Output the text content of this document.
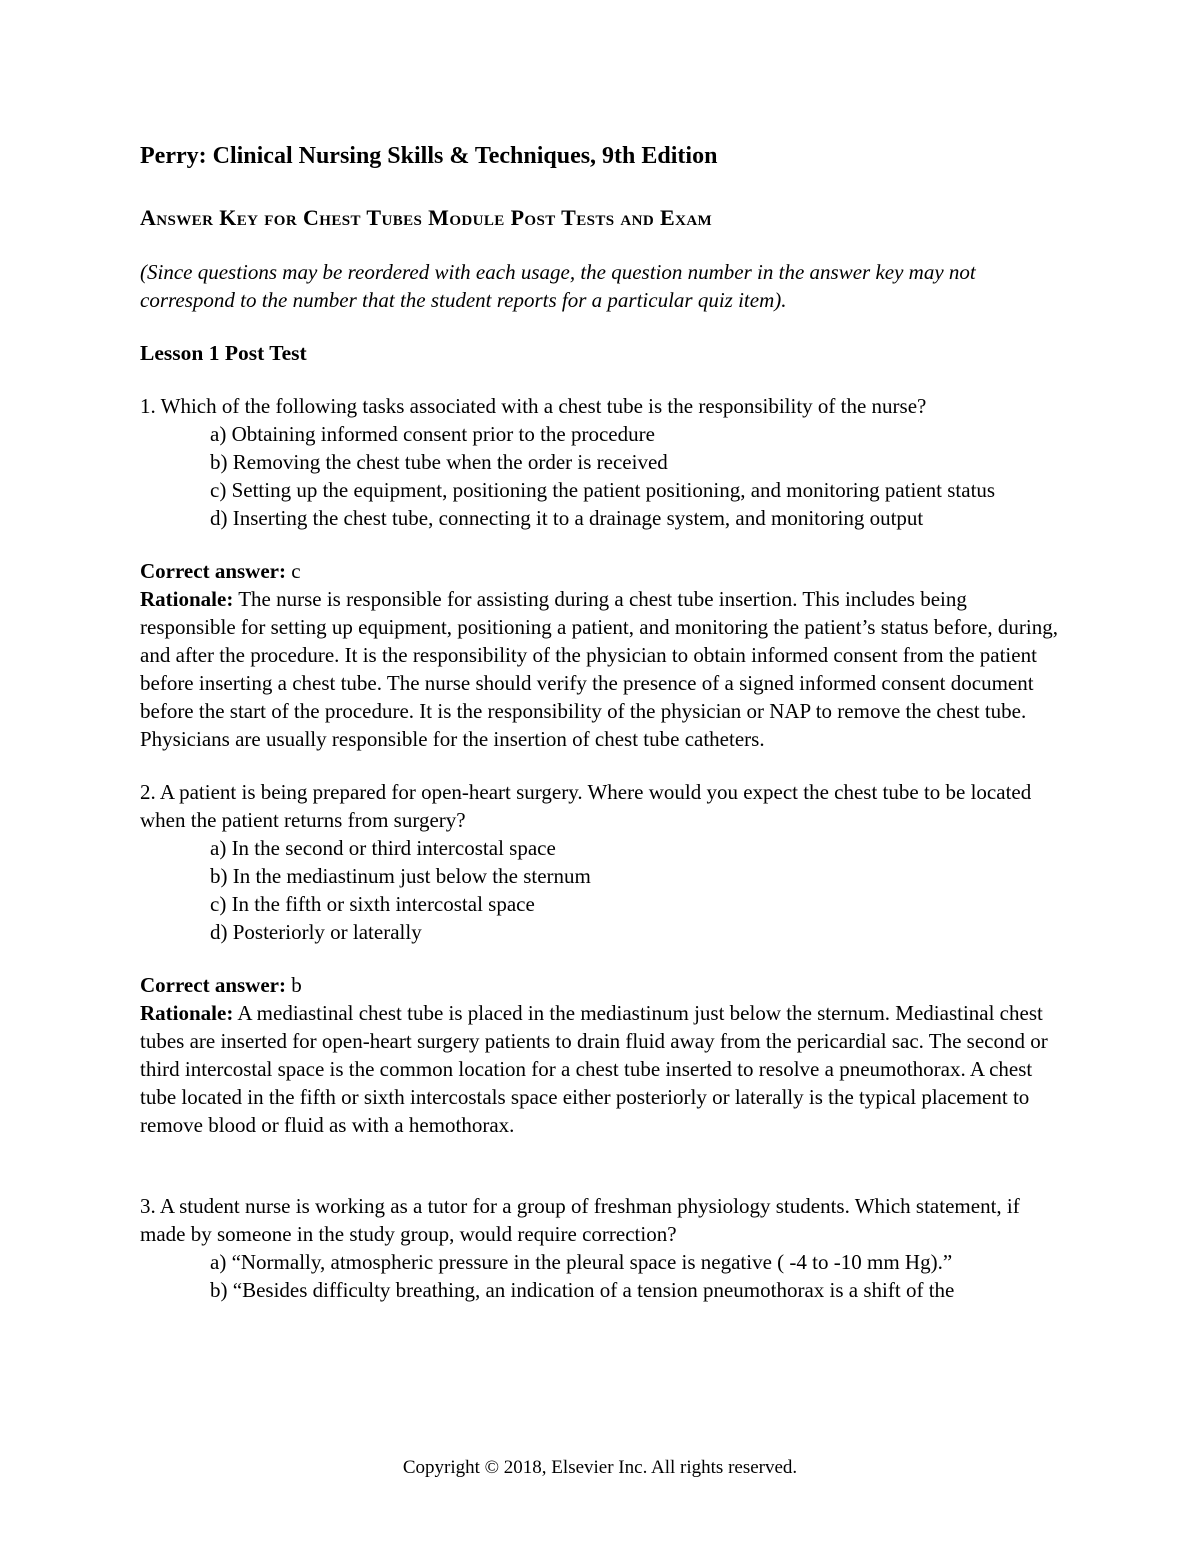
Perry: Clinical Nursing Skills & Techniques, 9th Edition
Answer Key for Chest Tubes Module Post Tests and Exam
(Since questions may be reordered with each usage, the question number in the answer key may not correspond to the number that the student reports for a particular quiz item).
Lesson 1 Post Test

1. Which of the following tasks associated with a chest tube is the responsibility of the nurse?

a) Obtaining informed consent prior to the procedure
b) Removing the chest tube when the order is received
c) Setting up the equipment, positioning the patient positioning, and monitoring patient status
d) Inserting the chest tube, connecting it to a drainage system, and monitoring output

Correct answer: c

Rationale: The nurse is responsible for assisting during a chest tube insertion. This includes being responsible for setting up equipment, positioning a patient, and monitoring the patient’s status before, during, and after the procedure. It is the responsibility of the physician to obtain informed consent from the patient before inserting a chest tube. The nurse should verify the presence of a signed informed consent document before the start of the procedure. It is the responsibility of the physician or NAP to remove the chest tube. Physicians are usually responsible for the insertion of chest tube catheters.

2. A patient is being prepared for open-heart surgery. Where would you expect the chest tube to be located when the patient returns from surgery?

a) In the second or third intercostal space
b) In the mediastinum just below the sternum
c) In the fifth or sixth intercostal space
d) Posteriorly or laterally

Correct answer: b

Rationale: A mediastinal chest tube is placed in the mediastinum just below the sternum. Mediastinal chest tubes are inserted for open-heart surgery patients to drain fluid away from the pericardial sac. The second or third intercostal space is the common location for a chest tube inserted to resolve a pneumothorax. A chest tube located in the fifth or sixth intercostals space either posteriorly or laterally is the typical placement to remove blood or fluid as with a hemothorax.

3. A student nurse is working as a tutor for a group of freshman physiology students. Which statement, if made by someone in the study group, would require correction?

a) “Normally, atmospheric pressure in the pleural space is negative ( -4 to -10 mm Hg).”
b) “Besides difficulty breathing, an indication of a tension pneumothorax is a shift of the
Copyright © 2018, Elsevier Inc. All rights reserved.
